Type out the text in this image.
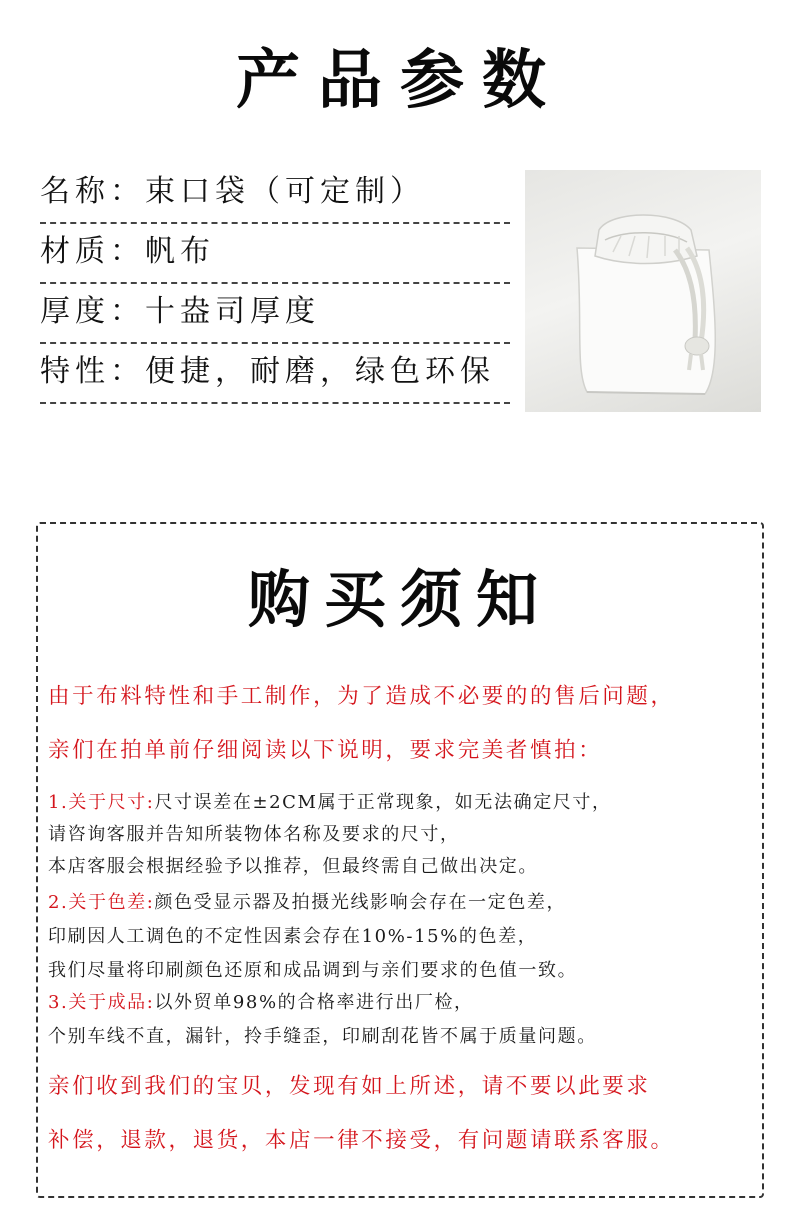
产品参数
名称：束口袋（可定制）
材质：帆布
厚度：十盎司厚度
特性：便捷，耐磨，绿色环保
购买须知
由于布料特性和手工制作，为了造成不必要的的售后问题，
亲们在拍单前仔细阅读以下说明，要求完美者慎拍：
1.关于尺寸:尺寸误差在±2CM属于正常现象，如无法确定尺寸，
请咨询客服并告知所装物体名称及要求的尺寸，
本店客服会根据经验予以推荐，但最终需自己做出决定。
2.关于色差:颜色受显示器及拍摄光线影响会存在一定色差，
印刷因人工调色的不定性因素会存在10%-15%的色差，
我们尽量将印刷颜色还原和成品调到与亲们要求的色值一致。
3.关于成品:以外贸单98%的合格率进行出厂检，
个别车线不直，漏针，拎手缝歪，印刷刮花皆不属于质量问题。
亲们收到我们的宝贝，发现有如上所述，请不要以此要求
补偿，退款，退货，本店一律不接受，有问题请联系客服。
